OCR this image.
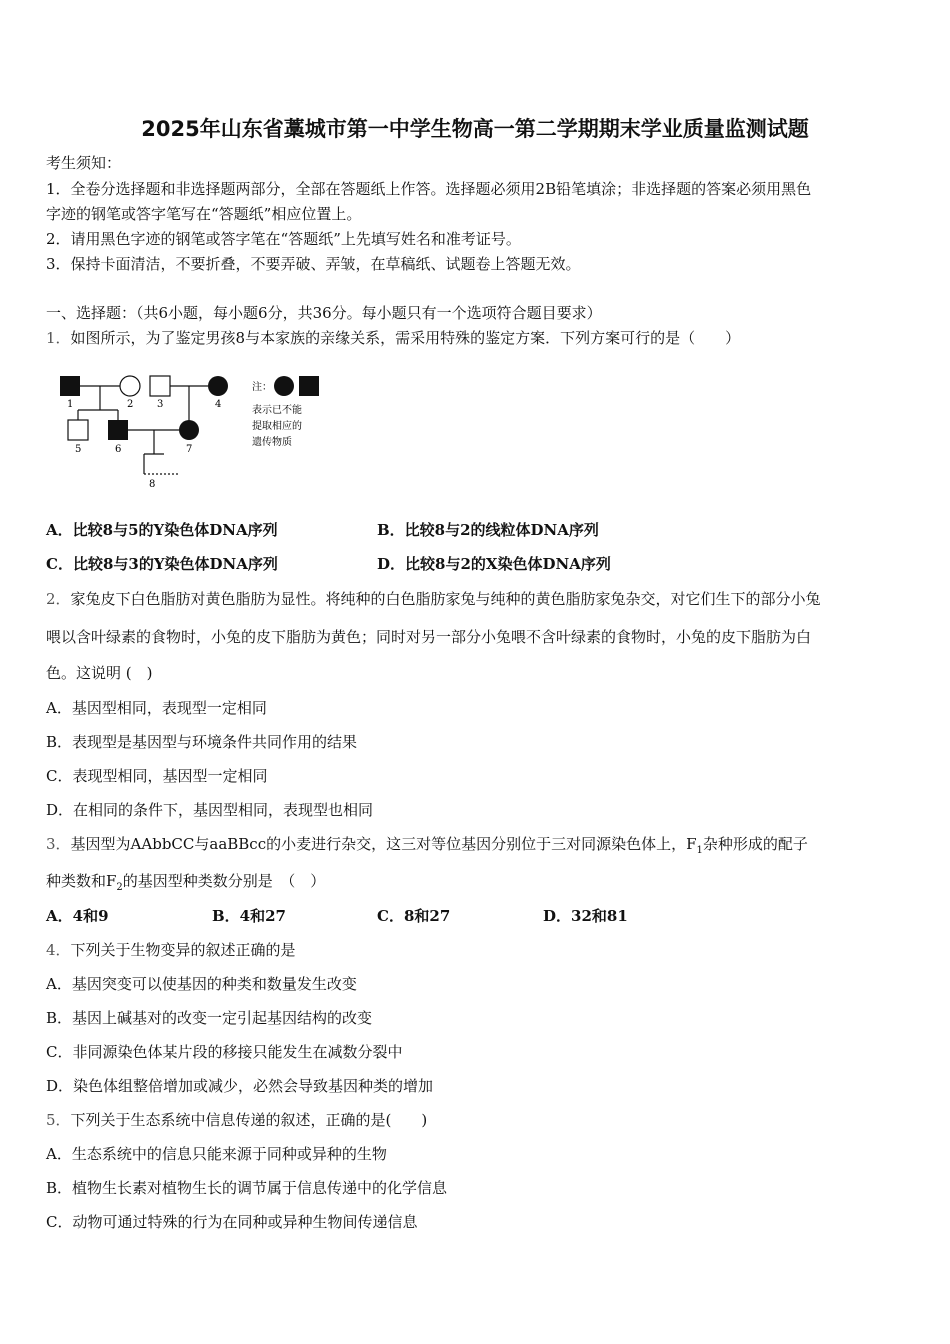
2025年山东省藁城市第一中学生物高一第二学期期末学业质量监测试题
考生须知：
1．全卷分选择题和非选择题两部分，全部在答题纸上作答。选择题必须用2B铅笔填涂；非选择题的答案必须用黑色
字迹的钢笔或答字笔写在“答题纸”相应位置上。
2．请用黑色字迹的钢笔或答字笔在“答题纸”上先填写姓名和准考证号。
3．保持卡面清洁，不要折叠，不要弄破、弄皱，在草稿纸、试题卷上答题无效。
一、选择题：（共6小题，每小题6分，共36分。每小题只有一个选项符合题目要求）
1．如图所示，为了鉴定男孩8与本家族的亲缘关系，需采用特殊的鉴定方案．下列方案可行的是（　　）
1	2 3	4
5	6	7
8
注：
表示已不能
提取相应的
遗传物质
A．比较8与5的Y染色体DNA序列	B．比较8与2的线粒体DNA序列
C．比较8与3的Y染色体DNA序列	D．比较8与2的X染色体DNA序列
2．家兔皮下白色脂肪对黄色脂肪为显性。将纯种的白色脂肪家兔与纯种的黄色脂肪家兔杂交，对它们生下的部分小兔
喂以含叶绿素的食物时，小兔的皮下脂肪为黄色；同时对另一部分小兔喂不含叶绿素的食物时，小兔的皮下脂肪为白
色。这说明 (　)
A．基因型相同，表现型一定相同
B．表现型是基因型与环境条件共同作用的结果
C．表现型相同，基因型一定相同
D．在相同的条件下，基因型相同，表现型也相同
3．基因型为AAbbCC与aaBBcc的小麦进行杂交，这三对等位基因分别位于三对同源染色体上，$F_1$杂种形成的配子
种类数和$F_2$的基因型种类数分别是　（　）
A．4和9	B．4和27	C．8和27	D．32和81
4．下列关于生物变异的叙述正确的是
A．基因突变可以使基因的种类和数量发生改变
B．基因上碱基对的改变一定引起基因结构的改变
C．非同源染色体某片段的移接只能发生在减数分裂中
D．染色体组整倍增加或减少，必然会导致基因种类的增加
5．下列关于生态系统中信息传递的叙述，正确的是(　　)
A．生态系统中的信息只能来源于同种或异种的生物
B．植物生长素对植物生长的调节属于信息传递中的化学信息
C．动物可通过特殊的行为在同种或异种生物间传递信息
